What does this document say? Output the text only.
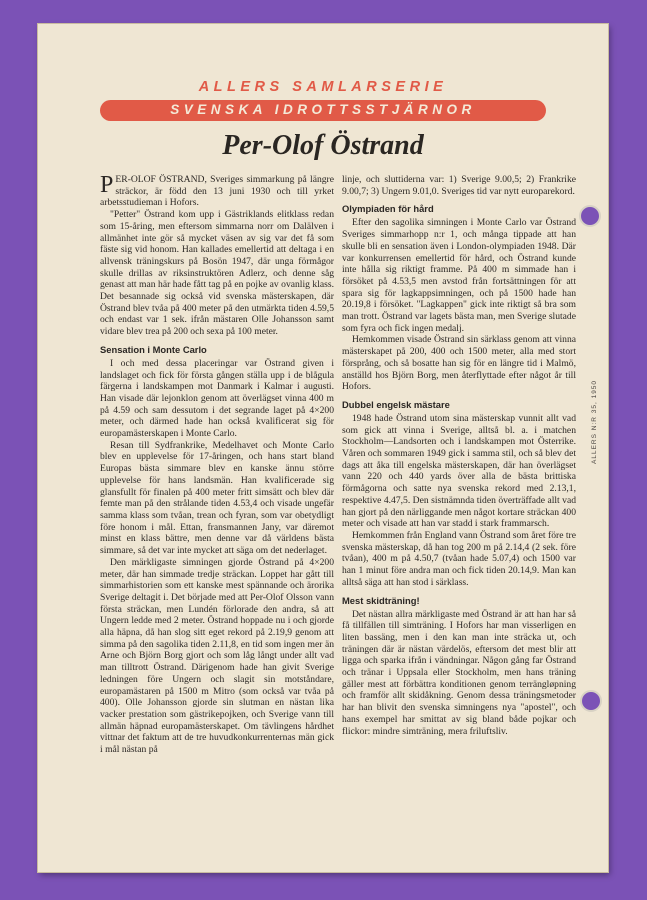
ALLERS SAMLARSERIE
SVENSKA IDROTTSSTJÄRNOR
Per-Olof Östrand

PER-OLOF ÖSTRAND, Sveriges simmarkung på längre sträckor, är född den 13 juni 1930 och till yrket arbetsstudieman i Hofors.

"Petter" Östrand kom upp i Gästriklands elitklass redan som 15-åring, men eftersom simmarna norr om Dalälven i allmänhet inte gör så mycket väsen av sig var det få som fäste sig vid honom. Han kallades emellertid att deltaga i en allvensk träningskurs på Bosön 1947, där unga förmågor skulle drillas av riksinstruktören Adlerz, och denne såg genast att man här hade fått tag på en pojke av ovanlig klass. Det besannade sig också vid svenska mästerskapen, där Östrand blev tvåa på 400 meter på den utmärkta tiden 4.59,5 och endast var 1 sek. ifrån mästaren Olle Johansson samt vidare blev trea på 200 och sexa på 100 meter.

Sensation i Monte Carlo

I och med dessa placeringar var Östrand given i landslaget och fick för första gången ställa upp i de blågula färgerna i landskampen mot Danmark i Kalmar i augusti. Han visade där lejonklon genom att överlägset vinna 400 m på 4.59 och sam dessutom i det segrande laget på 4×200 meter, och därmed hade han också kvalificerat sig för europamästerskapen i Monte Carlo.

Resan till Sydfrankrike, Medelhavet och Monte Carlo blev en upplevelse för 17-åringen, och hans start bland Europas bästa simmare blev en kanske ännu större upplevelse för hans landsmän. Han kvalificerade sig glansfullt för finalen på 400 meter fritt simsätt och blev där femte man på den strålande tiden 4.53,4 och visade ungefär samma klass som tvåan, trean och fyran, som var obetydligt före honom i mål. Ettan, fransmannen Jany, var däremot minst en klass bättre, men denne var då världens bästa simmare, så det var inte mycket att säga om det nederlaget.

Den märkligaste simningen gjorde Östrand på 4×200 meter, där han simmade tredje sträckan. Loppet har gått till simmarhistorien som ett kanske mest spännande och ärorika Sverige deltagit i. Det började med att Per-Olof Olsson vann första sträckan, men Lundén förlorade den andra, så att Ungern ledde med 2 meter. Östrand hoppade nu i och gjorde alla häpna, då han slog sitt eget rekord på 2.19,9 genom att simma på den sagolika tiden 2.11,8, en tid som ingen mer än Arne och Björn Borg gjort och som låg långt under allt vad man tilltrott Östrand. Därigenom hade han givit Sverige ledningen före Ungern och slagit sin motståndare, europamästaren på 1500 m Mitro (som också var tvåa på 400). Olle Johansson gjorde sin slutman en nästan lika vacker prestation som gästrikepojken, och Sverige vann till allmän häpnad europamästerskapet. Om tävlingens hårdhet vittnar det faktum att de tre huvudkonkurrenternas män gick i mål nästan på

linje, och sluttiderna var: 1) Sverige 9.00,5; 2) Frankrike 9.00,7; 3) Ungern 9.01,0. Sveriges tid var nytt europarekord.

Olympiaden för hård

Efter den sagolika simningen i Monte Carlo var Östrand Sveriges simmarhopp n:r 1, och många tippade att han skulle bli en sensation även i London-olympiaden 1948. Där var konkurrensen emellertid för hård, och Östrand kunde inte hålla sig riktigt framme. På 400 m simmade han i försöket på 4.53,5 men avstod från fortsättningen för att spara sig för lagkappsimningen, och på 1500 hade han 20.19,8 i försöket. "Lagkappen" gick inte riktigt så bra som man trott. Östrand var lagets bästa man, men Sverige slutade som fyra och fick ingen medalj.

Hemkommen visade Östrand sin särklass genom att vinna mästerskapet på 200, 400 och 1500 meter, alla med stort försprång, och så bosatte han sig för en längre tid i Malmö, anställd hos Björn Borg, men återflyttade efter något år till Hofors.

Dubbel engelsk mästare

1948 hade Östrand utom sina mästerskap vunnit allt vad som gick att vinna i Sverige, alltså bl. a. i matchen Stockholm—Landsorten och i landskampen mot Österrike. Våren och sommaren 1949 gick i samma stil, och så blev det dags att åka till engelska mästerskapen, där han överlägset vann 220 och 440 yards över alla de bästa brittiska förmågorna och satte nya svenska rekord med 2.13,1, respektive 4.47,5. Den sistnämnda tiden överträffade allt vad han gjort på den närliggande men något kortare sträckan 400 meter och visade att han var stadd i stark frammarsch.

Hemkommen från England vann Östrand som året före tre svenska mästerskap, då han tog 200 m på 2.14,4 (2 sek. före tvåan), 400 m på 4.50,7 (tvåan hade 5.07,4) och 1500 var han 1 minut före andra man och fick tiden 20.14,9. Man kan alltså säga att han stod i särklass.

Mest skidträning!

Det nästan allra märkligaste med Östrand är att han har så få tillfällen till simträning. I Hofors har man visserligen en liten bassäng, men i den kan man inte sträcka ut, och träningen där är nästan värdelös, eftersom det mest blir att ligga och sparka ifrån i vändningar. Någon gång far Östrand och tränar i Uppsala eller Stockholm, men hans träning gäller mest att förbättra konditionen genom terrängløpning och framför allt skidåkning. Genom dessa träningsmetoder har han blivit den svenska simningens nya "apostel", och hans exempel har smittat av sig bland både pojkar och flickor: mindre simträning, mera friluftsliv.

ALLERS N:R 35, 1950
